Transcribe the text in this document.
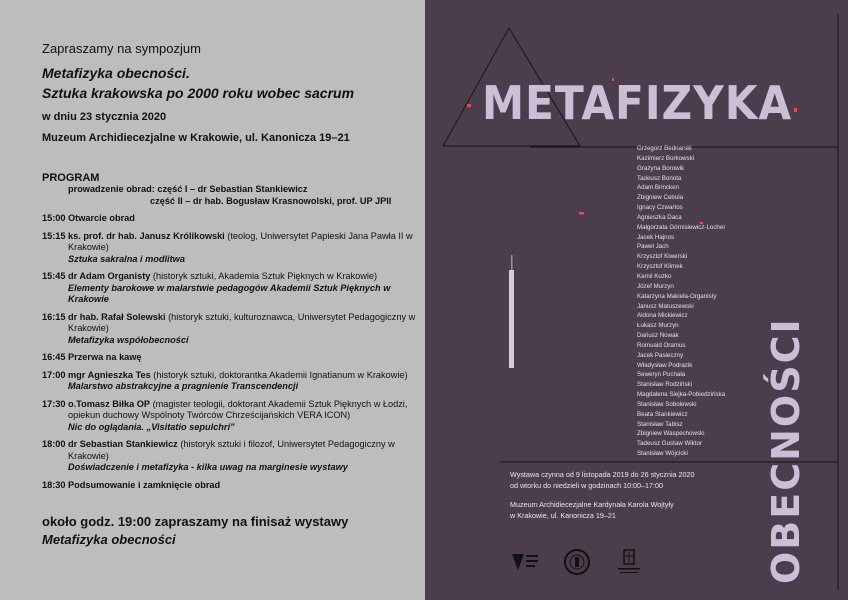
Zapraszamy na sympozjum
Metafizyka obecności.
Sztuka krakowska po 2000 roku wobec sacrum
w dniu 23 stycznia 2020
Muzeum Archidiecezjalne w Krakowie, ul. Kanonicza 19–21
PROGRAM
prowadzenie obrad: część I – dr Sebastian Stankiewicz
część II – dr hab. Bogusław Krasnowolski, prof. UP JPII
15:00 Otwarcie obrad
15:15 ks. prof. dr hab. Janusz Królikowski (teolog, Uniwersytet Papieski Jana Pawła II w Krakowie)
Sztuka sakralna i modlitwa
15:45 dr Adam Organisty (historyk sztuki, Akademia Sztuk Pięknych w Krakowie)
Elementy barokowe w malarstwie pedagogów Akademii Sztuk Pięknych w Krakowie
16:15 dr hab. Rafał Solewski (historyk sztuki, kulturoznawca, Uniwersytet Pedagogiczny w Krakowie)
Metafizyka współobecności
16:45 Przerwa na kawę
17:00 mgr Agnieszka Tes (historyk sztuki, doktorantka Akademii Ignatianum w Krakowie)
Malarstwo abstrakcyjne a pragnienie Transcendencji
17:30 o.Tomasz Biłka OP (magister teologii, doktorant Akademii Sztuk Pięknych w Łodzi, opiekun duchowy Wspólnoty Twórców Chrześcijańskich VERA ICON)
Nic do oglądania. „Visitatio sepulchri”
18:00 dr Sebastian Stankiewicz (historyk sztuki i filozof, Uniwersytet Pedagogiczny w Krakowie)
Doświadczenie i metafizyka - kilka uwag na marginesie wystawy
18:30 Podsumowanie i zamknięcie obrad
około godz. 19:00 zapraszamy na finisaż wystawy
Metafizyka obecności
METAFIZYKA
OBECNOŚCI
Grzegorz Bednarski
Kazimierz Borkowski
Grażyna Borowik
Tadeusz Bonota
Adam Brincken
Zbigniew Cebula
Ignacy Czwartos
Agnieszka Daca
Małgorzata Górnisiewicz-Locher
Jacek Hajnos
Paweł Jach
Krzysztof Kiwerski
Krzysztof Klimek
Kamil Kuzko
Józef Murzyn
Katarzyna Makieła-Organisty
Janusz Matuszewski
Aldona Mickiewicz
Łukasz Murzyn
Dariusz Nowak
Romuald Oramus
Jacek Pasieczny
Władysław Podrazik
Seweryn Puchała
Stanisław Rodziński
Magdalena Siejka-Pobiedzińska
Stanisław Sobolewski
Beata Stankiewicz
Stanisław Tabisz
Zbigniew Waspechowski
Tadeusz Gustaw Wiktor
Stanisław Wójcicki
Wystawa czynna od 9 listopada 2019 do 26 stycznia 2020
od wtorku do niedzieli w godzinach 10:00–17:00
Muzeum Archidiecezjalne Kardynała Karola Wojtyły
w Krakowie, ul. Kanonicza 19–21
